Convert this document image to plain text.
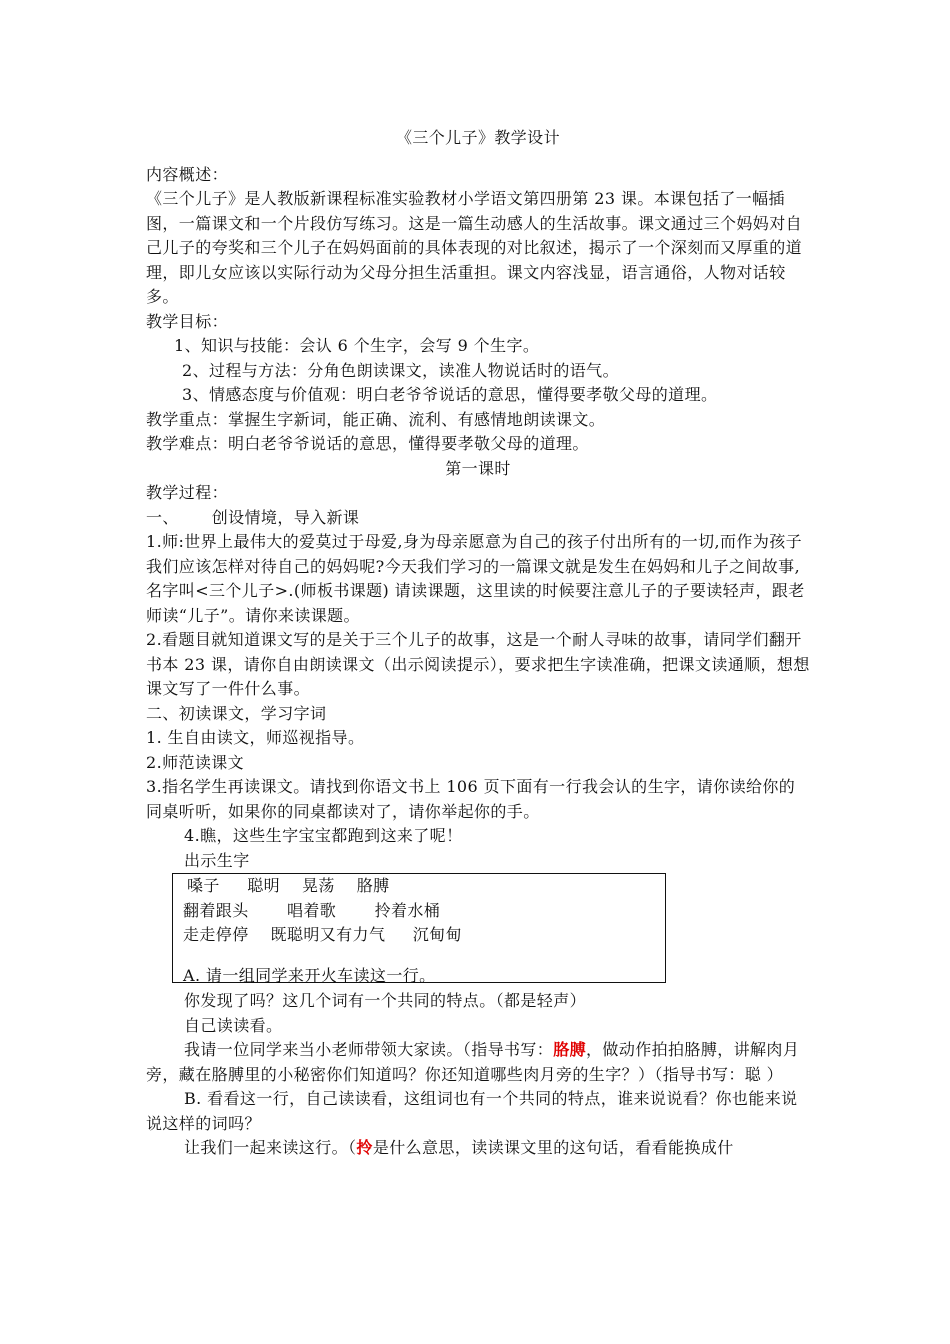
《三个儿子》教学设计

内容概述：

《三个儿子》是人教版新课程标准实验教材小学语文第四册第 23 课。本课包括了一幅插图，一篇课文和一个片段仿写练习。这是一篇生动感人的生活故事。课文通过三个妈妈对自己儿子的夸奖和三个儿子在妈妈面前的具体表现的对比叙述，揭示了一个深刻而又厚重的道理，即儿女应该以实际行动为父母分担生活重担。课文内容浅显，语言通俗，人物对话较多。

教学目标：

1、知识与技能：会认 6 个生字，会写 9 个生字。

2、过程与方法：分角色朗读课文，读准人物说话时的语气。

3、情感态度与价值观：明白老爷爷说话的意思，懂得要孝敬父母的道理。

教学重点：掌握生字新词，能正确、流利、有感情地朗读课文。

教学难点：明白老爷爷说话的意思，懂得要孝敬父母的道理。

第一课时

教学过程：

一、      创设情境，导入新课

1.师:世界上最伟大的爱莫过于母爱,身为母亲愿意为自己的孩子付出所有的一切,而作为孩子我们应该怎样对待自己的妈妈呢?今天我们学习的一篇课文就是发生在妈妈和儿子之间故事,名字叫<三个儿子>.(师板书课题) 请读课题，这里读的时候要注意儿子的子要读轻声，跟老师读“儿子”。请你来读课题。

2.看题目就知道课文写的是关于三个儿子的故事，这是一个耐人寻味的故事，请同学们翻开书本 23 课，请你自由朗读课文（出示阅读提示），要求把生字读准确，把课文读通顺，想想课文写了一件什么事。

二、初读课文，学习字词

1. 生自由读文，师巡视指导。

2.师范读课文

3.指名学生再读课文。请找到你语文书上 106 页下面有一行我会认的生字，请你读给你的同桌听听，如果你的同桌都读对了，请你举起你的手。

4.瞧，这些生字宝宝都跑到这来了呢！

出示生字

嗓子     聪明    晃荡    胳膊
翻着跟头       唱着歌       拎着水桶
走走停停    既聪明又有力气     沉甸甸
A. 请一组同学来开火车读这一行。

你发现了吗？这几个词有一个共同的特点。（都是轻声）

自己读读看。

我请一位同学来当小老师带领大家读。（指导书写：胳膊，做动作拍拍胳膊，讲解肉月旁，藏在胳膊里的小秘密你们知道吗？你还知道哪些肉月旁的生字？）（指导书写：聪 ）

B. 看看这一行，自己读读看，这组词也有一个共同的特点，谁来说说看？你也能来说说这样的词吗？

让我们一起来读这行。（拎是什么意思，读读课文里的这句话，看看能换成什
